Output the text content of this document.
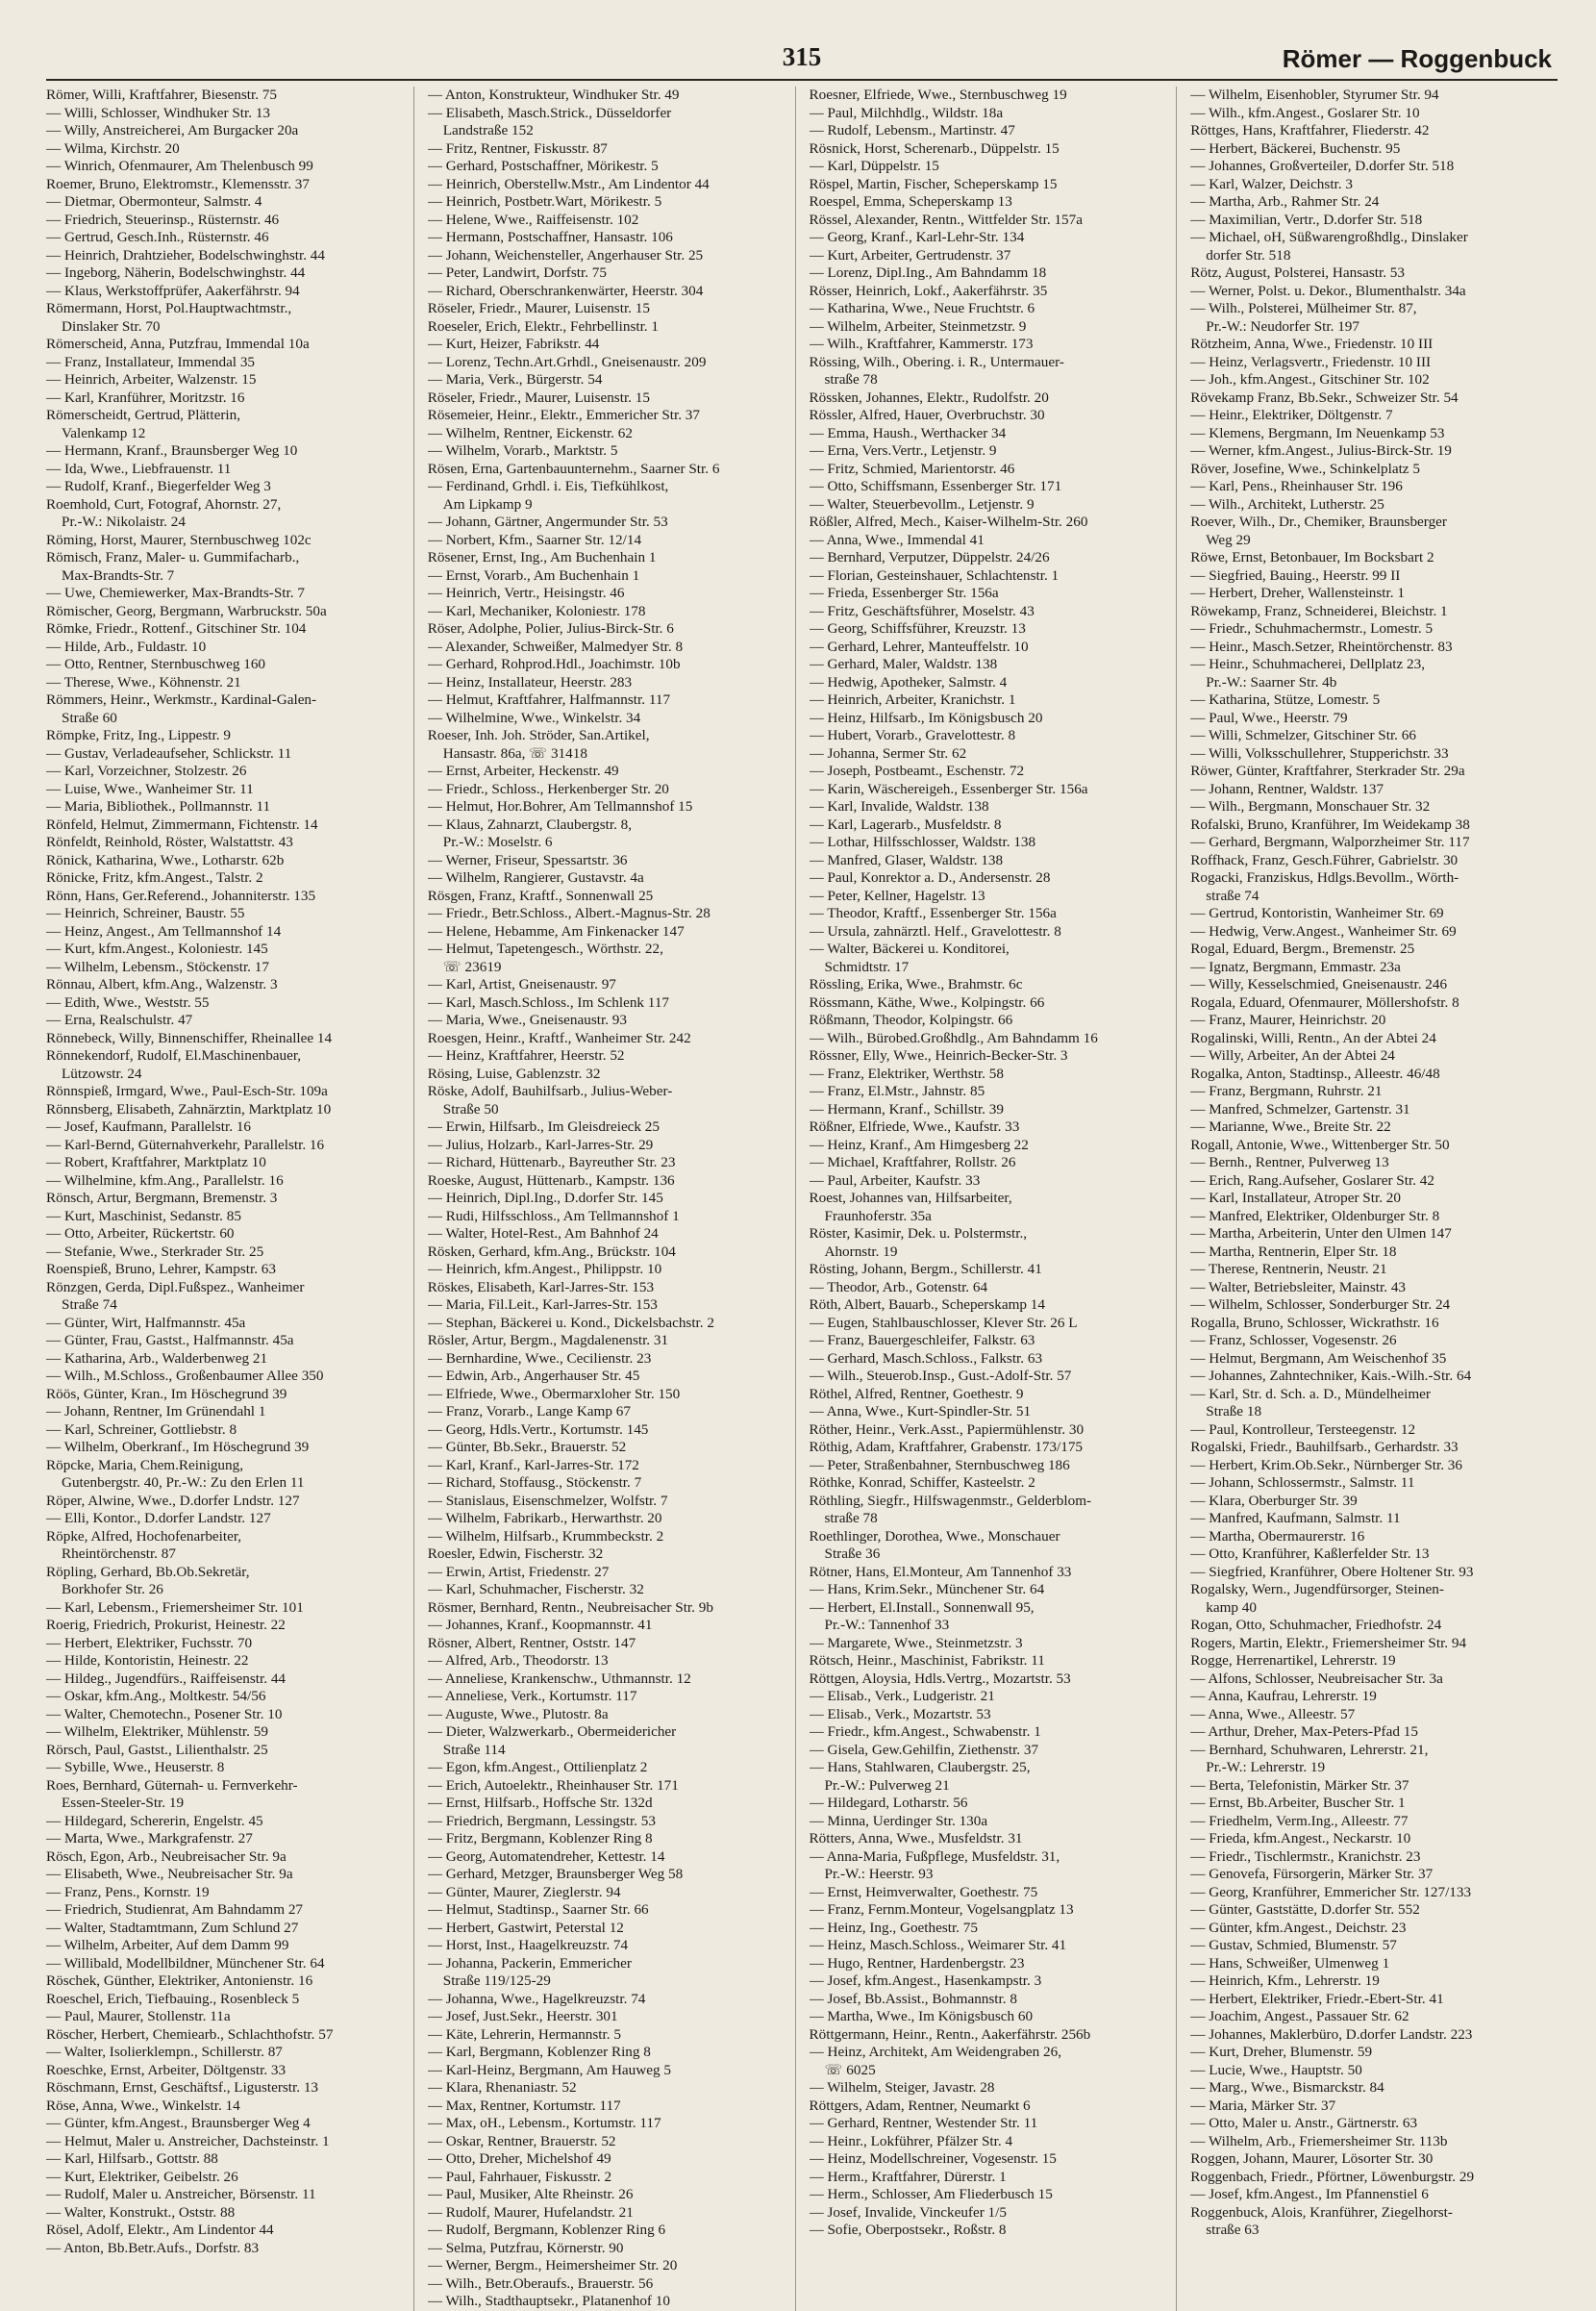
315	Römer — Roggenbuck
Römer, Willi, Kraftfahrer, Biesenstr. 75
— Willi, Schlosser, Windhuker Str. 13
— Willy, Anstreicherei, Am Burgacker 20a
— Wilma, Kirchstr. 20
— Winrich, Ofenmaurer, Am Thelenbusch 99
Roemer, Bruno, Elektromstr., Klemensstr. 37
— Dietmar, Obermonteur, Salmstr. 4
— Friedrich, Steuerinsp., Rüsternstr. 46
— Gertrud, Gesch.Inh., Rüsternstr. 46
— Heinrich, Drahtzieher, Bodelschwinghstr. 44
— Ingeborg, Näherin, Bodelschwinghstr. 44
— Klaus, Werkstoffprüfer, Aakerfährstr. 94
Römermann, Horst, Pol.Hauptwachtmstr.,
Dinslaker Str. 70
Römerscheid, Anna, Putzfrau, Immendal 10a
— Franz, Installateur, Immendal 35
— Heinrich, Arbeiter, Walzenstr. 15
— Karl, Kranführer, Moritzstr. 16
Römerscheidt, Gertrud, Plätterin,
Valenkamp 12
— Hermann, Kranf., Braunsberger Weg 10
— Ida, Wwe., Liebfrauenstr. 11
— Rudolf, Kranf., Biegerfelder Weg 3
Roemhold, Curt, Fotograf, Ahornstr. 27,
Pr.-W.: Nikolaistr. 24
Röming, Horst, Maurer, Sternbuschweg 102c
Römisch, Franz, Maler- u. Gummifacharb.,
Max-Brandts-Str. 7
— Uwe, Chemiewerker, Max-Brandts-Str. 7
Römischer, Georg, Bergmann, Warbruckstr. 50a
Römke, Friedr., Rottenf., Gitschiner Str. 104
— Hilde, Arb., Fuldastr. 10
— Otto, Rentner, Sternbuschweg 160
— Therese, Wwe., Köhnenstr. 21
Römmers, Heinr., Werkmstr., Kardinal-Galen-
Straße 60
Römpke, Fritz, Ing., Lippestr. 9
— Gustav, Verladeaufseher, Schlickstr. 11
— Karl, Vorzeichner, Stolzestr. 26
— Luise, Wwe., Wanheimer Str. 11
— Maria, Bibliothek., Pollmannstr. 11
Rönfeld, Helmut, Zimmermann, Fichtenstr. 14
Rönfeldt, Reinhold, Röster, Walstattstr. 43
Rönick, Katharina, Wwe., Lotharstr. 62b
Rönicke, Fritz, kfm.Angest., Talstr. 2
Rönn, Hans, Ger.Referend., Johanniterstr. 135
— Heinrich, Schreiner, Baustr. 55
— Heinz, Angest., Am Tellmannshof 14
— Kurt, kfm.Angest., Koloniestr. 145
— Wilhelm, Lebensm., Stöckenstr. 17
Rönnau, Albert, kfm.Ang., Walzenstr. 3
— Edith, Wwe., Weststr. 55
— Erna, Realschulstr. 47
Rönnebeck, Willy, Binnenschiffer, Rheinallee 14
Rönnekendorf, Rudolf, El.Maschinenbauer,
Lützowstr. 24
Rönnspieß, Irmgard, Wwe., Paul-Esch-Str. 109a
Rönnsberg, Elisabeth, Zahnärztin, Marktplatz 10
— Josef, Kaufmann, Parallelstr. 16
— Karl-Bernd, Güternahverkehr, Parallelstr. 16
— Robert, Kraftfahrer, Marktplatz 10
— Wilhelmine, kfm.Ang., Parallelstr. 16
Rönsch, Artur, Bergmann, Bremenstr. 3
— Kurt, Maschinist, Sedanstr. 85
— Otto, Arbeiter, Rückertstr. 60
— Stefanie, Wwe., Sterkrader Str. 25
Roenspieß, Bruno, Lehrer, Kampstr. 63
Rönzgen, Gerda, Dipl.Fußspez., Wanheimer
Straße 74
— Günter, Wirt, Halfmannstr. 45a
— Günter, Frau, Gastst., Halfmannstr. 45a
— Katharina, Arb., Walderbenweg 21
— Wilh., M.Schloss., Großenbaumer Allee 350
Röös, Günter, Kran., Im Höschegrund 39
— Johann, Rentner, Im Grünendahl 1
— Karl, Schreiner, Gottliebstr. 8
— Wilhelm, Oberkranf., Im Höschegrund 39
Röpcke, Maria, Chem.Reinigung,
Gutenbergstr. 40, Pr.-W.: Zu den Erlen 11
Röper, Alwine, Wwe., D.dorfer Lndstr. 127
— Elli, Kontor., D.dorfer Landstr. 127
Röpke, Alfred, Hochofenarbeiter,
Rheintörchenstr. 87
Röpling, Gerhard, Bb.Ob.Sekretär,
Borkhofer Str. 26
— Karl, Lebensm., Friemersheimer Str. 101
Roerig, Friedrich, Prokurist, Heinestr. 22
— Herbert, Elektriker, Fuchsstr. 70
— Hilde, Kontoristin, Heinestr. 22
— Hildeg., Jugendfürs., Raiffeisenstr. 44
— Oskar, kfm.Ang., Moltkestr. 54/56
— Walter, Chemotechn., Posener Str. 10
— Wilhelm, Elektriker, Mühlenstr. 59
Rörsch, Paul, Gastst., Lilienthalstr. 25
— Sybille, Wwe., Heuserstr. 8
Roes, Bernhard, Güternah- u. Fernverkehr-
Essen-Steeler-Str. 19
— Hildegard, Schererin, Engelstr. 45
— Marta, Wwe., Markgrafenstr. 27
Rösch, Egon, Arb., Neubreisacher Str. 9a
— Elisabeth, Wwe., Neubreisacher Str. 9a
— Franz, Pens., Kornstr. 19
— Friedrich, Studienrat, Am Bahndamm 27
— Walter, Stadtamtmann, Zum Schlund 27
— Wilhelm, Arbeiter, Auf dem Damm 99
— Willibald, Modellbildner, Münchener Str. 64
Röschek, Günther, Elektriker, Antonienstr. 16
Roeschel, Erich, Tiefbauing., Rosenbleck 5
— Paul, Maurer, Stollenstr. 11a
Röscher, Herbert, Chemiearb., Schlachthofstr. 57
— Walter, Isolierklempn., Schillerstr. 87
Roeschke, Ernst, Arbeiter, Döltgenstr. 33
Röschmann, Ernst, Geschäftsf., Ligusterstr. 13
Röse, Anna, Wwe., Winkelstr. 14
— Günter, kfm.Angest., Braunsberger Weg 4
— Helmut, Maler u. Anstreicher, Dachsteinstr. 1
— Karl, Hilfsarb., Gottstr. 88
— Kurt, Elektriker, Geibelstr. 26
— Rudolf, Maler u. Anstreicher, Börsenstr. 11
— Walter, Konstrukt., Oststr. 88
Rösel, Adolf, Elektr., Am Lindentor 44
— Anton, Bb.Betr.Aufs., Dorfstr. 83
— Anton, Konstrukteur, Windhuker Str. 49
— Elisabeth, Masch.Strick., Düsseldorfer
Landstraße 152
— Fritz, Rentner, Fiskusstr. 87
— Gerhard, Postschaffner, Mörikestr. 5
— Heinrich, Oberstellw.Mstr., Am Lindentor 44
— Heinrich, Postbetr.Wart, Mörikestr. 5
— Helene, Wwe., Raiffeisenstr. 102
— Hermann, Postschaffner, Hansastr. 106
— Johann, Weichensteller, Angerhauser Str. 25
— Peter, Landwirt, Dorfstr. 75
— Richard, Oberschrankenwärter, Heerstr. 304
Röseler, Friedr., Maurer, Luisenstr. 15
Roeseler, Erich, Elektr., Fehrbellinstr. 1
— Kurt, Heizer, Fabrikstr. 44
— Lorenz, Techn.Art.Grhdl., Gneisenaustr. 209
— Maria, Verk., Bürgerstr. 54
Röseler, Friedr., Maurer, Luisenstr. 15
Rösemeier, Heinr., Elektr., Emmericher Str. 37
— Wilhelm, Rentner, Eickenstr. 62
— Wilhelm, Vorarb., Marktstr. 5
Rösen, Erna, Gartenbauunternehm., Saarner Str. 6
— Ferdinand, Grhdl. i. Eis, Tiefkühlkost,
Am Lipkamp 9
— Johann, Gärtner, Angermunder Str. 53
— Norbert, Kfm., Saarner Str. 12/14
Rösener, Ernst, Ing., Am Buchenhain 1
— Ernst, Vorarb., Am Buchenhain 1
— Heinrich, Vertr., Heisingstr. 46
— Karl, Mechaniker, Koloniestr. 178
Röser, Adolphe, Polier, Julius-Birck-Str. 6
— Alexander, Schweißer, Malmedyer Str. 8
— Gerhard, Rohprod.Hdl., Joachimstr. 10b
— Heinz, Installateur, Heerstr. 283
— Helmut, Kraftfahrer, Halfmannstr. 117
— Wilhelmine, Wwe., Winkelstr. 34
Roeser, Inh. Joh. Ströder, San.Artikel,
Hansastr. 86a, ☏ 31418
— Ernst, Arbeiter, Heckenstr. 49
— Friedr., Schloss., Herkenberger Str. 20
— Helmut, Hor.Bohrer, Am Tellmannshof 15
— Klaus, Zahnarzt, Claubergstr. 8,
Pr.-W.: Moselstr. 6
— Werner, Friseur, Spessartstr. 36
— Wilhelm, Rangierer, Gustavstr. 4a
Rösgen, Franz, Kraftf., Sonnenwall 25
— Friedr., Betr.Schloss., Albert.-Magnus-Str. 28
— Helene, Hebamme, Am Finkenacker 147
— Helmut, Tapetengesch., Wörthstr. 22,
☏ 23619
— Karl, Artist, Gneisenaustr. 97
— Karl, Masch.Schloss., Im Schlenk 117
— Maria, Wwe., Gneisenaustr. 93
Roesgen, Heinr., Kraftf., Wanheimer Str. 242
— Heinz, Kraftfahrer, Heerstr. 52
Rösing, Luise, Gablenzstr. 32
Röske, Adolf, Bauhilfsarb., Julius-Weber-
Straße 50
— Erwin, Hilfsarb., Im Gleisdreieck 25
— Julius, Holzarb., Karl-Jarres-Str. 29
— Richard, Hüttenarb., Bayreuther Str. 23
Roeske, August, Hüttenarb., Kampstr. 136
— Heinrich, Dipl.Ing., D.dorfer Str. 145
— Rudi, Hilfsschloss., Am Tellmannshof 1
— Walter, Hotel-Rest., Am Bahnhof 24
Rösken, Gerhard, kfm.Ang., Brückstr. 104
— Heinrich, kfm.Angest., Philippstr. 10
Röskes, Elisabeth, Karl-Jarres-Str. 153
— Maria, Fil.Leit., Karl-Jarres-Str. 153
— Stephan, Bäckerei u. Kond., Dickelsbachstr. 2
Rösler, Artur, Bergm., Magdalenenstr. 31
— Bernhardine, Wwe., Cecilienstr. 23
— Edwin, Arb., Angerhauser Str. 45
— Elfriede, Wwe., Obermarxloher Str. 150
— Franz, Vorarb., Lange Kamp 67
— Georg, Hdls.Vertr., Kortumstr. 145
— Günter, Bb.Sekr., Brauerstr. 52
— Karl, Kranf., Karl-Jarres-Str. 172
— Richard, Stoffausg., Stöckenstr. 7
— Stanislaus, Eisenschmelzer, Wolfstr. 7
— Wilhelm, Fabrikarb., Herwarthstr. 20
— Wilhelm, Hilfsarb., Krummbeckstr. 2
Roesler, Edwin, Fischerstr. 32
— Erwin, Artist, Friedenstr. 27
— Karl, Schuhmacher, Fischerstr. 32
Rösmer, Bernhard, Rentn., Neubreisacher Str. 9b
— Johannes, Kranf., Koopmannstr. 41
Rösner, Albert, Rentner, Oststr. 147
— Alfred, Arb., Theodorstr. 13
— Anneliese, Krankenschw., Uthmannstr. 12
— Anneliese, Verk., Kortumstr. 117
— Auguste, Wwe., Plutostr. 8a
— Dieter, Walzwerkarb., Obermeidericher
Straße 114
— Egon, kfm.Angest., Ottilienplatz 2
— Erich, Autoelektr., Rheinhauser Str. 171
— Ernst, Hilfsarb., Hoffsche Str. 132d
— Friedrich, Bergmann, Lessingstr. 53
— Fritz, Bergmann, Koblenzer Ring 8
— Georg, Automatendreher, Kettestr. 14
— Gerhard, Metzger, Braunsberger Weg 58
— Günter, Maurer, Zieglerstr. 94
— Helmut, Stadtinsp., Saarner Str. 66
— Herbert, Gastwirt, Peterstal 12
— Horst, Inst., Haagelkreuzstr. 74
— Johanna, Packerin, Emmericher
Straße 119/125-29
— Johanna, Wwe., Hagelkreuzstr. 74
— Josef, Just.Sekr., Heerstr. 301
— Käte, Lehrerin, Hermannstr. 5
— Karl, Bergmann, Koblenzer Ring 8
— Karl-Heinz, Bergmann, Am Hauweg 5
— Klara, Rhenaniastr. 52
— Max, Rentner, Kortumstr. 117
— Max, oH., Lebensm., Kortumstr. 117
— Oskar, Rentner, Brauerstr. 52
— Otto, Dreher, Michelshof 49
— Paul, Fahrhauer, Fiskusstr. 2
— Paul, Musiker, Alte Rheinstr. 26
— Rudolf, Maurer, Hufelandstr. 21
— Rudolf, Bergmann, Koblenzer Ring 6
— Selma, Putzfrau, Körnerstr. 90
— Werner, Bergm., Heimersheimer Str. 20
— Wilh., Betr.Oberaufs., Brauerstr. 56
— Wilh., Stadthauptsekr., Platanenhof 10
Roesner, Elfriede, Wwe., Sternbuschweg 19
— Paul, Milchhdlg., Wildstr. 18a
— Rudolf, Lebensm., Martinstr. 47
Rösnick, Horst, Scherenarb., Düppelstr. 15
— Karl, Düppelstr. 15
Röspel, Martin, Fischer, Scheperskamp 15
Roespel, Emma, Scheperskamp 13
Rössel, Alexander, Rentn., Wittfelder Str. 157a
— Georg, Kranf., Karl-Lehr-Str. 134
— Kurt, Arbeiter, Gertrudenstr. 37
— Lorenz, Dipl.Ing., Am Bahndamm 18
Rösser, Heinrich, Lokf., Aakerfährstr. 35
— Katharina, Wwe., Neue Fruchtstr. 6
— Wilhelm, Arbeiter, Steinmetzstr. 9
— Wilh., Kraftfahrer, Kammerstr. 173
Rössing, Wilh., Obering. i. R., Untermauer-
straße 78
Rössken, Johannes, Elektr., Rudolfstr. 20
Rössler, Alfred, Hauer, Overbruchstr. 30
— Emma, Haush., Werthacker 34
— Erna, Vers.Vertr., Letjenstr. 9
— Fritz, Schmied, Marientorstr. 46
— Otto, Schiffsmann, Essenberger Str. 171
— Walter, Steuerbevollm., Letjenstr. 9
Rößler, Alfred, Mech., Kaiser-Wilhelm-Str. 260
— Anna, Wwe., Immendal 41
— Bernhard, Verputzer, Düppelstr. 24/26
— Florian, Gesteinshauer, Schlachtenstr. 1
— Frieda, Essenberger Str. 156a
— Fritz, Geschäftsführer, Moselstr. 43
— Georg, Schiffsführer, Kreuzstr. 13
— Gerhard, Lehrer, Manteuffelstr. 10
— Gerhard, Maler, Waldstr. 138
— Hedwig, Apotheker, Salmstr. 4
— Heinrich, Arbeiter, Kranichstr. 1
— Heinz, Hilfsarb., Im Königsbusch 20
— Hubert, Vorarb., Gravelottestr. 8
— Johanna, Sermer Str. 62
— Joseph, Postbeamt., Eschenstr. 72
— Karin, Wäschereigeh., Essenberger Str. 156a
— Karl, Invalide, Waldstr. 138
— Karl, Lagerarb., Musfeldstr. 8
— Lothar, Hilfsschlosser, Waldstr. 138
— Manfred, Glaser, Waldstr. 138
— Paul, Konrektor a. D., Andersenstr. 28
— Peter, Kellner, Hagelstr. 13
— Theodor, Kraftf., Essenberger Str. 156a
— Ursula, zahnärztl. Helf., Gravelottestr. 8
— Walter, Bäckerei u. Konditorei,
Schmidtstr. 17
Rössling, Erika, Wwe., Brahmstr. 6c
Rössmann, Käthe, Wwe., Kolpingstr. 66
Rößmann, Theodor, Kolpingstr. 66
— Wilh., Bürobed.Großhdlg., Am Bahndamm 16
Rössner, Elly, Wwe., Heinrich-Becker-Str. 3
— Franz, Elektriker, Werthstr. 58
— Franz, El.Mstr., Jahnstr. 85
— Hermann, Kranf., Schillstr. 39
Rößner, Elfriede, Wwe., Kaufstr. 33
— Heinz, Kranf., Am Himgesberg 22
— Michael, Kraftfahrer, Rollstr. 26
— Paul, Arbeiter, Kaufstr. 33
Roest, Johannes van, Hilfsarbeiter,
Fraunhoferstr. 35a
Röster, Kasimir, Dek. u. Polstermstr.,
Ahornstr. 19
Rösting, Johann, Bergm., Schillerstr. 41
— Theodor, Arb., Gotenstr. 64
Röth, Albert, Bauarb., Scheperskamp 14
— Eugen, Stahlbauschlosser, Klever Str. 26 L
— Franz, Bauergeschleifer, Falkstr. 63
— Gerhard, Masch.Schloss., Falkstr. 63
— Wilh., Steuerob.Insp., Gust.-Adolf-Str. 57
Röthel, Alfred, Rentner, Goethestr. 9
— Anna, Wwe., Kurt-Spindler-Str. 51
Röther, Heinr., Verk.Asst., Papiermühlenstr. 30
Röthig, Adam, Kraftfahrer, Grabenstr. 173/175
— Peter, Straßenbahner, Sternbuschweg 186
Röthke, Konrad, Schiffer, Kasteelstr. 2
Röthling, Siegfr., Hilfswagenmstr., Gelderblom-
straße 78
Roethlinger, Dorothea, Wwe., Monschauer
Straße 36
Rötner, Hans, El.Monteur, Am Tannenhof 33
— Hans, Krim.Sekr., Münchener Str. 64
— Herbert, El.Install., Sonnenwall 95,
Pr.-W.: Tannenhof 33
— Margarete, Wwe., Steinmetzstr. 3
Rötsch, Heinr., Maschinist, Fabrikstr. 11
Röttgen, Aloysia, Hdls.Vertrg., Mozartstr. 53
— Elisab., Verk., Ludgeristr. 21
— Elisab., Verk., Mozartstr. 53
— Friedr., kfm.Angest., Schwabenstr. 1
— Gisela, Gew.Gehilfin, Ziethenstr. 37
— Hans, Stahlwaren, Claubergstr. 25,
Pr.-W.: Pulverweg 21
— Hildegard, Lotharstr. 56
— Minna, Uerdinger Str. 130a
Rötters, Anna, Wwe., Musfeldstr. 31
— Anna-Maria, Fußpflege, Musfeldstr. 31,
Pr.-W.: Heerstr. 93
— Ernst, Heimverwalter, Goethestr. 75
— Franz, Fernm.Monteur, Vogelsangplatz 13
— Heinz, Ing., Goethestr. 75
— Heinz, Masch.Schloss., Weimarer Str. 41
— Hugo, Rentner, Hardenbergstr. 23
— Josef, kfm.Angest., Hasenkampstr. 3
— Josef, Bb.Assist., Bohmannstr. 8
— Martha, Wwe., Im Königsbusch 60
Röttgermann, Heinr., Rentn., Aakerfährstr. 256b
— Heinz, Architekt, Am Weidengraben 26,
☏ 6025
— Wilhelm, Steiger, Javastr. 28
Röttgers, Adam, Rentner, Neumarkt 6
— Gerhard, Rentner, Westender Str. 11
— Heinr., Lokführer, Pfälzer Str. 4
— Heinz, Modellschreiner, Vogesenstr. 15
— Herm., Kraftfahrer, Dürerstr. 1
— Herm., Schlosser, Am Fliederbusch 15
— Josef, Invalide, Vinckeufer 1/5
— Sofie, Oberpostsekr., Roßstr. 8
— Wilhelm, Eisenhobler, Styrumer Str. 94
— Wilh., kfm.Angest., Goslarer Str. 10
Röttges, Hans, Kraftfahrer, Fliederstr. 42
— Herbert, Bäckerei, Buchenstr. 95
— Johannes, Großverteiler, D.dorfer Str. 518
— Karl, Walzer, Deichstr. 3
— Martha, Arb., Rahmer Str. 24
— Maximilian, Vertr., D.dorfer Str. 518
— Michael, oH, Süßwarengroßhdlg., Dinslaker
dorfer Str. 518
Rötz, August, Polsterei, Hansastr. 53
— Werner, Polst. u. Dekor., Blumenthalstr. 34a
— Wilh., Polsterei, Mülheimer Str. 87,
Pr.-W.: Neudorfer Str. 197
Rötzheim, Anna, Wwe., Friedenstr. 10 III
— Heinz, Verlagsvertr., Friedenstr. 10 III
— Joh., kfm.Angest., Gitschiner Str. 102
Rövekamp Franz, Bb.Sekr., Schweizer Str. 54
— Heinr., Elektriker, Döltgenstr. 7
— Klemens, Bergmann, Im Neuenkamp 53
— Werner, kfm.Angest., Julius-Birck-Str. 19
Röver, Josefine, Wwe., Schinkelplatz 5
— Karl, Pens., Rheinhauser Str. 196
— Wilh., Architekt, Lutherstr. 25
Roever, Wilh., Dr., Chemiker, Braunsberger
Weg 29
Röwe, Ernst, Betonbauer, Im Bocksbart 2
— Siegfried, Bauing., Heerstr. 99 II
— Herbert, Dreher, Wallensteinstr. 1
Röwekamp, Franz, Schneiderei, Bleichstr. 1
— Friedr., Schuhmachermstr., Lomestr. 5
— Heinr., Masch.Setzer, Rheintörchenstr. 83
— Heinr., Schuhmacherei, Dellplatz 23,
Pr.-W.: Saarner Str. 4b
— Katharina, Stütze, Lomestr. 5
— Paul, Wwe., Heerstr. 79
— Willi, Schmelzer, Gitschiner Str. 66
— Willi, Volksschullehrer, Stupperichstr. 33
Röwer, Günter, Kraftfahrer, Sterkrader Str. 29a
— Johann, Rentner, Waldstr. 137
— Wilh., Bergmann, Monschauer Str. 32
Rofalski, Bruno, Kranführer, Im Weidekamp 38
— Gerhard, Bergmann, Walporzheimer Str. 117
Roffhack, Franz, Gesch.Führer, Gabrielstr. 30
Rogacki, Franziskus, Hdlgs.Bevollm., Wörth-
straße 74
— Gertrud, Kontoristin, Wanheimer Str. 69
— Hedwig, Verw.Angest., Wanheimer Str. 69
Rogal, Eduard, Bergm., Bremenstr. 25
— Ignatz, Bergmann, Emmastr. 23a
— Willy, Kesselschmied, Gneisenaustr. 246
Rogala, Eduard, Ofenmaurer, Möllershofstr. 8
— Franz, Maurer, Heinrichstr. 20
Rogalinski, Willi, Rentn., An der Abtei 24
— Willy, Arbeiter, An der Abtei 24
Rogalka, Anton, Stadtinsp., Alleestr. 46/48
— Franz, Bergmann, Ruhrstr. 21
— Manfred, Schmelzer, Gartenstr. 31
— Marianne, Wwe., Breite Str. 22
Rogall, Antonie, Wwe., Wittenberger Str. 50
— Bernh., Rentner, Pulverweg 13
— Erich, Rang.Aufseher, Goslarer Str. 42
— Karl, Installateur, Atroper Str. 20
— Manfred, Elektriker, Oldenburger Str. 8
— Martha, Arbeiterin, Unter den Ulmen 147
— Martha, Rentnerin, Elper Str. 18
— Therese, Rentnerin, Neustr. 21
— Walter, Betriebsleiter, Mainstr. 43
— Wilhelm, Schlosser, Sonderburger Str. 24
Rogalla, Bruno, Schlosser, Wickrathstr. 16
— Franz, Schlosser, Vogesenstr. 26
— Helmut, Bergmann, Am Weischenhof 35
— Johannes, Zahntechniker, Kais.-Wilh.-Str. 64
— Karl, Str. d. Sch. a. D., Mündelheimer
Straße 18
— Paul, Kontrolleur, Tersteegenstr. 12
Rogalski, Friedr., Bauhilfsarb., Gerhardstr. 33
— Herbert, Krim.Ob.Sekr., Nürnberger Str. 36
— Johann, Schlossermstr., Salmstr. 11
— Klara, Oberburger Str. 39
— Manfred, Kaufmann, Salmstr. 11
— Martha, Obermaurerstr. 16
— Otto, Kranführer, Kaßlerfelder Str. 13
— Siegfried, Kranführer, Obere Holtener Str. 93
Rogalsky, Wern., Jugendfürsorger, Steinen-
kamp 40
Rogan, Otto, Schuhmacher, Friedhofstr. 24
Rogers, Martin, Elektr., Friemersheimer Str. 94
Rogge, Herrenartikel, Lehrerstr. 19
— Alfons, Schlosser, Neubreisacher Str. 3a
— Anna, Kaufrau, Lehrerstr. 19
— Anna, Wwe., Alleestr. 57
— Arthur, Dreher, Max-Peters-Pfad 15
— Bernhard, Schuhwaren, Lehrerstr. 21,
Pr.-W.: Lehrerstr. 19
— Berta, Telefonistin, Märker Str. 37
— Ernst, Bb.Arbeiter, Buscher Str. 1
— Friedhelm, Verm.Ing., Alleestr. 77
— Frieda, kfm.Angest., Neckarstr. 10
— Friedr., Tischlermstr., Kranichstr. 23
— Genovefa, Fürsorgerin, Märker Str. 37
— Georg, Kranführer, Emmericher Str. 127/133
— Günter, Gaststätte, D.dorfer Str. 552
— Günter, kfm.Angest., Deichstr. 23
— Gustav, Schmied, Blumenstr. 57
— Hans, Schweißer, Ulmenweg 1
— Heinrich, Kfm., Lehrerstr. 19
— Herbert, Elektriker, Friedr.-Ebert-Str. 41
— Joachim, Angest., Passauer Str. 62
— Johannes, Maklerbüro, D.dorfer Landstr. 223
— Kurt, Dreher, Blumenstr. 59
— Lucie, Wwe., Hauptstr. 50
— Marg., Wwe., Bismarckstr. 84
— Maria, Märker Str. 37
— Otto, Maler u. Anstr., Gärtnerstr. 63
— Wilhelm, Arb., Friemersheimer Str. 113b
Roggen, Johann, Maurer, Lösorter Str. 30
Roggenbach, Friedr., Pförtner, Löwenburgstr. 29
— Josef, kfm.Angest., Im Pfannenstiel 6
Roggenbuck, Alois, Kranführer, Ziegelhorst-
straße 63
